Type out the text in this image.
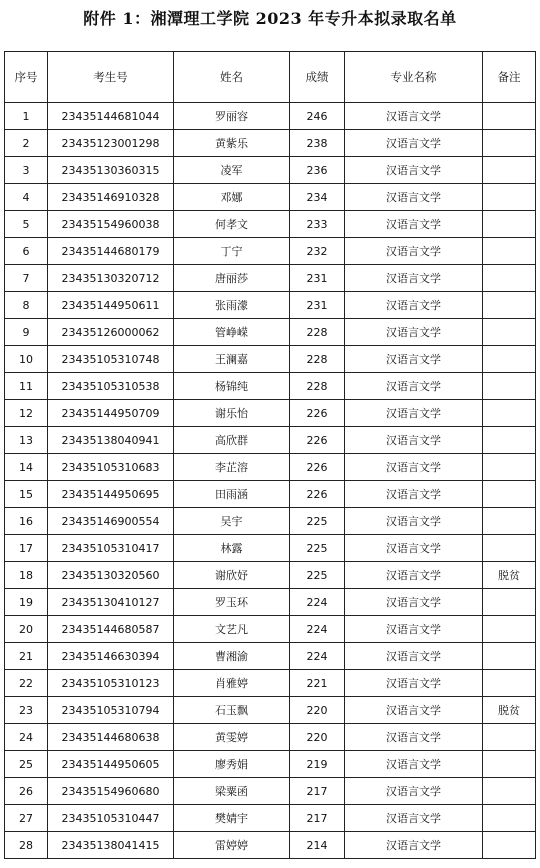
附件 1：湘潭理工学院 2023 年专升本拟录取名单
序号	考生号	姓名	成绩	专业名称	备注
1	23435144681044	罗丽容	246	汉语言文学	
2	23435123001298	黄紫乐	238	汉语言文学	
3	23435130360315	凌军	236	汉语言文学	
4	23435146910328	邓娜	234	汉语言文学	
5	23435154960038	何孝文	233	汉语言文学	
6	23435144680179	丁宁	232	汉语言文学	
7	23435130320712	唐丽莎	231	汉语言文学	
8	23435144950611	张雨濛	231	汉语言文学	
9	23435126000062	管峥嵘	228	汉语言文学	
10	23435105310748	王澜嘉	228	汉语言文学	
11	23435105310538	杨锦纯	228	汉语言文学	
12	23435144950709	谢乐怡	226	汉语言文学	
13	23435138040941	高欣群	226	汉语言文学	
14	23435105310683	李芷溶	226	汉语言文学	
15	23435144950695	田雨涵	226	汉语言文学	
16	23435146900554	吴宇	225	汉语言文学	
17	23435105310417	林露	225	汉语言文学	
18	23435130320560	谢欣妤	225	汉语言文学	脱贫
19	23435130410127	罗玉环	224	汉语言文学	
20	23435144680587	文艺凡	224	汉语言文学	
21	23435146630394	曹湘渝	224	汉语言文学	
22	23435105310123	肖雅婷	221	汉语言文学	
23	23435105310794	石玉飘	220	汉语言文学	脱贫
24	23435144680638	黄雯婷	220	汉语言文学	
25	23435144950605	廖秀娟	219	汉语言文学	
26	23435154960680	梁粟函	217	汉语言文学	
27	23435105310447	樊婧宇	217	汉语言文学	
28	23435138041415	雷婷婷	214	汉语言文学	
